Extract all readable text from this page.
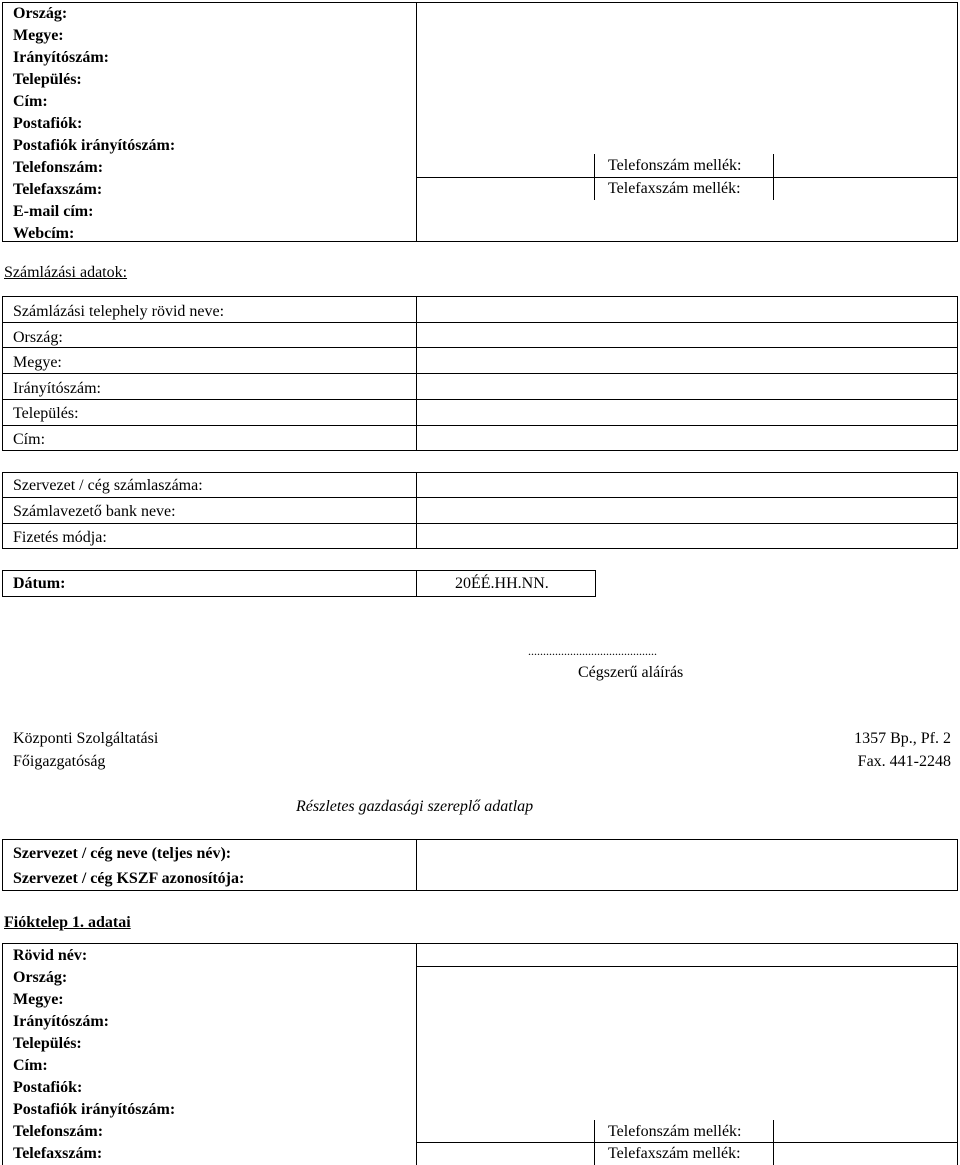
Ország:
Megye:
Irányítószám:
Település:
Cím:
Postafiók:
Postafiók irányítószám:
Telefonszám:
Telefaxszám:
E-mail cím:
Webcím:
Telefonszám mellék:
Telefaxszám mellék:
Számlázási adatok:
Számlázási telephely rövid neve:
Ország:
Megye:
Irányítószám:
Település:
Cím:
Szervezet / cég számlaszáma:
Számlavezető bank neve:
Fizetés módja:
Dátum:	20ÉÉ.HH.NN.
...........................................
Cégszerű aláírás
Központi Szolgáltatási
Főigazgatóság
1357 Bp., Pf. 2
Fax. 441-2248
Részletes gazdasági szereplő adatlap
Szervezet / cég neve (teljes név):
Szervezet / cég KSZF azonosítója:
Fióktelep 1. adatai
Rövid név:
Ország:
Megye:
Irányítószám:
Település:
Cím:
Postafiók:
Postafiók irányítószám:
Telefonszám:
Telefaxszám:
Telefonszám mellék:
Telefaxszám mellék:
